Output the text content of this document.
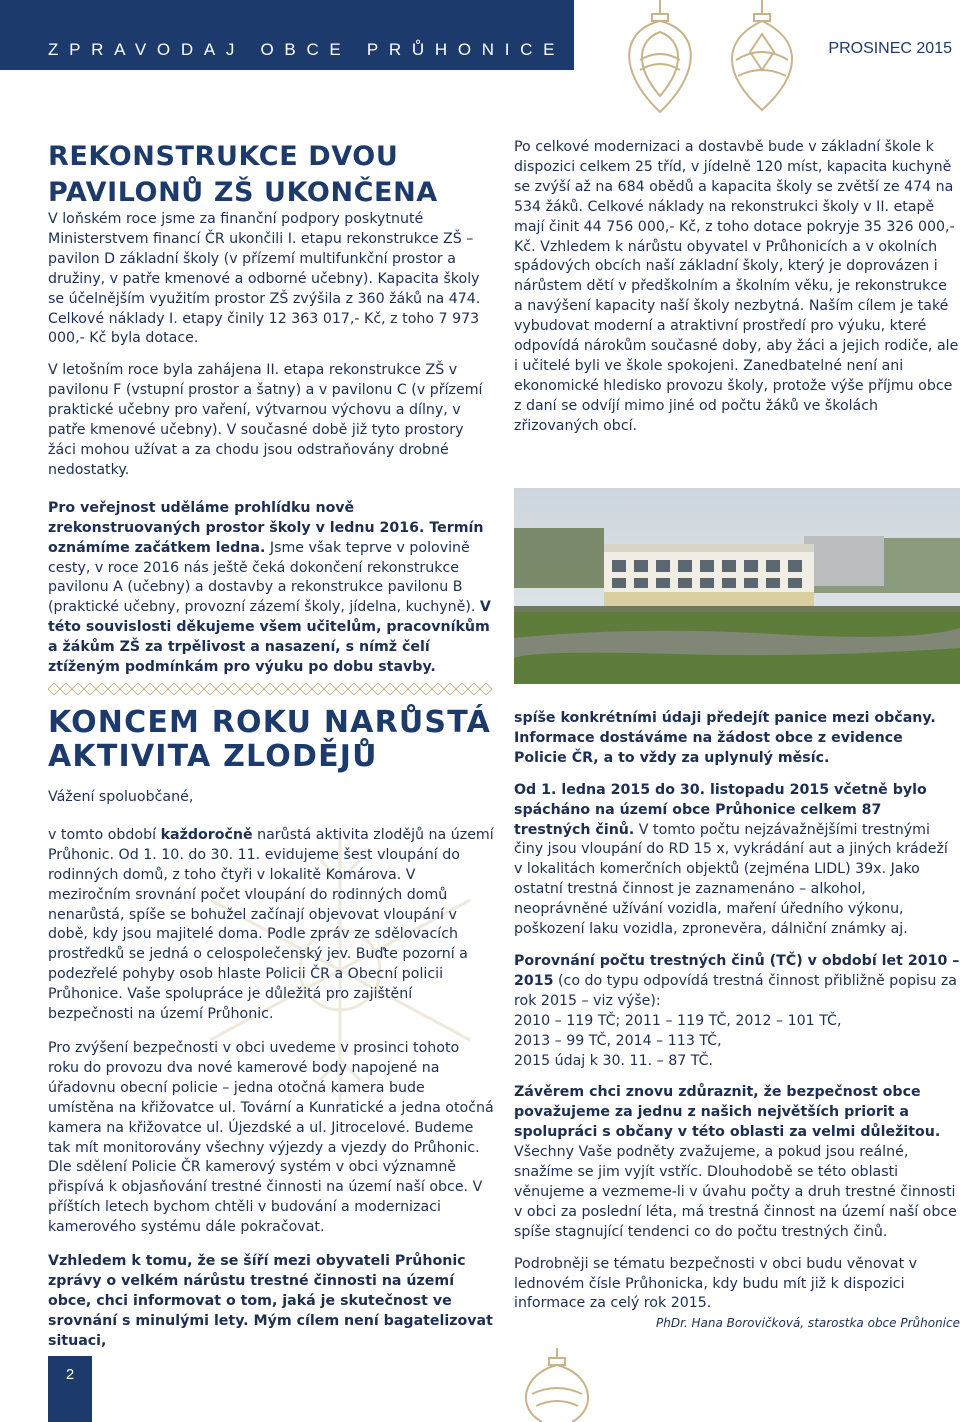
ZPRAVODAJ OBCE PRŮHONICE	PROSINEC 2015
REKONSTRUKCE DVOU
PAVILONŮ ZŠ UKONČENA

V loňském roce jsme za finanční podpory poskytnuté Ministerstvem financí ČR ukončili I. etapu rekonstrukce ZŠ – pavilon D základní školy (v přízemí multifunkční prostor a družiny, v patře kmenové a odborné učebny). Kapacita školy se účelnějším využitím prostor ZŠ zvýšila z 360 žáků na 474. Celkové náklady I. etapy činily 12 363 017,- Kč, z toho 7 973 000,- Kč byla dotace.

V letošním roce byla zahájena II. etapa rekonstrukce ZŠ v pavilonu F (vstupní prostor a šatny) a v pavilonu C (v přízemí praktické učebny pro vaření, výtvarnou výchovu a dílny, v patře kmenové učebny). V současné době již tyto prostory žáci mohou užívat a za chodu jsou odstraňovány drobné nedostatky.

Pro veřejnost uděláme prohlídku nově zrekonstruovaných prostor školy v lednu 2016. Termín oznámíme začátkem ledna. Jsme však teprve v polovině cesty, v roce 2016 nás ještě čeká dokončení rekonstrukce pavilonu A (učebny) a dostavby a rekonstrukce pavilonu B (praktické učebny, provozní zázemí školy, jídelna, kuchyně). V této souvislosti děkujeme všem učitelům, pracovníkům a žákům ZŠ za trpělivost a nasazení, s nímž čelí ztíženým podmínkám pro výuku po dobu stavby.

Po celkové modernizaci a dostavbě bude v základní škole k dispozici celkem 25 tříd, v jídelně 120 míst, kapacita kuchyně se zvýší až na 684 obědů a kapacita školy se zvětší ze 474 na 534 žáků. Celkové náklady na rekonstrukci školy v II. etapě mají činit 44 756 000,- Kč, z toho dotace pokryje 35 326 000,- Kč. Vzhledem k nárůstu obyvatel v Průhonicích a v okolních spádových obcích naší základní školy, který je doprovázen i nárůstem dětí v předškolním a školním věku, je rekonstrukce a navýšení kapacity naší školy nezbytná. Naším cílem je také vybudovat moderní a atraktivní prostředí pro výuku, které odpovídá nárokům současné doby, aby žáci a jejich rodiče, ale i učitelé byli ve škole spokojeni. Zanedbatelné není ani ekonomické hledisko provozu školy, protože výše příjmu obce z daní se odvíjí mimo jiné od počtu žáků ve školách zřizovaných obcí.

KONCEM ROKU NARŮSTÁ
AKTIVITA ZLODĚJŮ

Vážení spoluobčané,

v tomto období každoročně narůstá aktivita zlodějů na území Průhonic. Od 1. 10. do 30. 11. evidujeme šest vloupání do rodinných domů, z toho čtyři v lokalitě Komárova. V meziročním srovnání počet vloupání do rodinných domů nenarůstá, spíše se bohužel začínají objevovat vloupání v době, kdy jsou majitelé doma. Podle zpráv ze sdělovacích prostředků se jedná o celospolečenský jev. Buďte pozorní a podezřelé pohyby osob hlaste Policii ČR a Obecní policii Průhonice. Vaše spolupráce je důležitá pro zajištění bezpečnosti na území Průhonic.

Pro zvýšení bezpečnosti v obci uvedeme v prosinci tohoto roku do provozu dva nové kamerové body napojené na úřadovnu obecní policie – jedna otočná kamera bude umístěna na křižovatce ul. Tovární a Kunratické a jedna otočná kamera na křižovatce ul. Újezdské a ul. Jitrocelové. Budeme tak mít monitorovány všechny výjezdy a vjezdy do Průhonic. Dle sdělení Policie ČR kamerový systém v obci významně přispívá k objasňování trestné činnosti na území naší obce. V příštích letech bychom chtěli v budování a modernizaci kamerového systému dále pokračovat.

Vzhledem k tomu, že se šíří mezi obyvateli Průhonic zprávy o velkém nárůstu trestné činnosti na území obce, chci informovat o tom, jaká je skutečnost ve srovnání s minulými lety. Mým cílem není bagatelizovat situaci,

spíše konkrétními údaji předejít panice mezi občany. Informace dostáváme na žádost obce z evidence Policie ČR, a to vždy za uplynulý měsíc.

Od 1. ledna 2015 do 30. listopadu 2015 včetně bylo spácháno na území obce Průhonice celkem 87 trestných činů. V tomto počtu nejzávažnějšími trestnými činy jsou vloupání do RD 15 x, vykrádání aut a jiných krádeží v lokalitách komerčních objektů (zejména LIDL) 39x. Jako ostatní trestná činnost je zaznamenáno – alkohol, neoprávněné užívání vozidla, maření úředního výkonu, poškození laku vozidla, zpronevěra, dálniční známky aj.

Porovnání počtu trestných činů (TČ) v období let 2010 – 2015 (co do typu odpovídá trestná činnost přibližně popisu za rok 2015 – viz výše):

2010 – 119 TČ; 2011 – 119 TČ, 2012 – 101 TČ,

2013 – 99 TČ, 2014 – 113 TČ,

2015 údaj k 30. 11. – 87 TČ.

Závěrem chci znovu zdůraznit, že bezpečnost obce považujeme za jednu z našich největších priorit a spolupráci s občany v této oblasti za velmi důležitou. Všechny Vaše podněty zvažujeme, a pokud jsou reálné, snažíme se jim vyjít vstříc. Dlouhodobě se této oblasti věnujeme a vezmeme-li v úvahu počty a druh trestné činnosti v obci za poslední léta, má trestná činnost na území naší obce spíše stagnující tendenci co do počtu trestných činů.

Podrobněji se tématu bezpečnosti v obci budu věnovat v lednovém čísle Průhonicka, kdy budu mít již k dispozici informace za celý rok 2015.

PhDr. Hana Borovičková, starostka obce Průhonice
2
